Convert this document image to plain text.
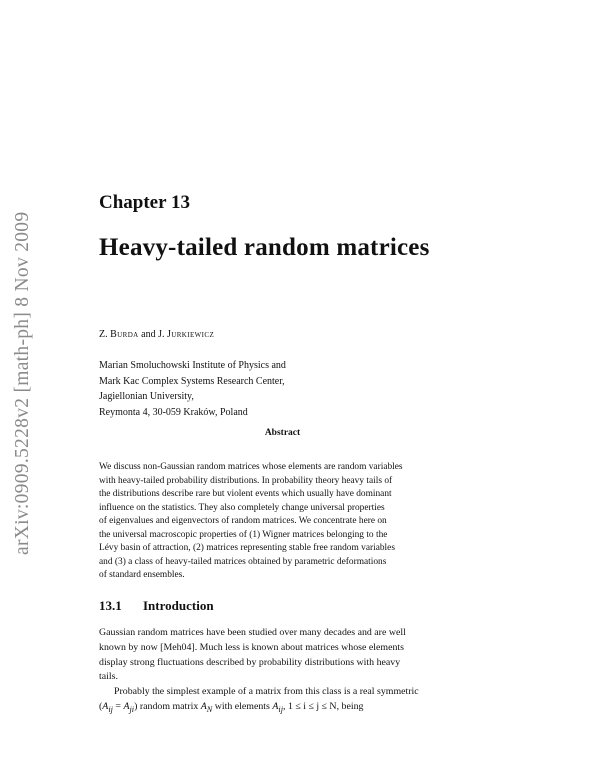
arXiv:0909.5228v2 [math-ph] 8 Nov 2009
Chapter 13
Heavy-tailed random matrices
Z. Burda and J. Jurkiewicz
Marian Smoluchowski Institute of Physics and
Mark Kac Complex Systems Research Center,
Jagiellonian University,
Reymonta 4, 30-059 Kraków, Poland
Abstract
We discuss non-Gaussian random matrices whose elements are random variables
with heavy-tailed probability distributions. In probability theory heavy tails of
the distributions describe rare but violent events which usually have dominant
influence on the statistics. They also completely change universal properties
of eigenvalues and eigenvectors of random matrices. We concentrate here on
the universal macroscopic properties of (1) Wigner matrices belonging to the
Lévy basin of attraction, (2) matrices representing stable free random variables
and (3) a class of heavy-tailed matrices obtained by parametric deformations
of standard ensembles.
13.1 Introduction
Gaussian random matrices have been studied over many decades and are well
known by now [Meh04]. Much less is known about matrices whose elements
display strong fluctuations described by probability distributions with heavy
tails.
Probably the simplest example of a matrix from this class is a real symmetric
$(A_{ij} = A_{ji})$ random matrix $A_N$ with elements $A_{ij}$, 1 ≤ i ≤ j ≤ N, being
